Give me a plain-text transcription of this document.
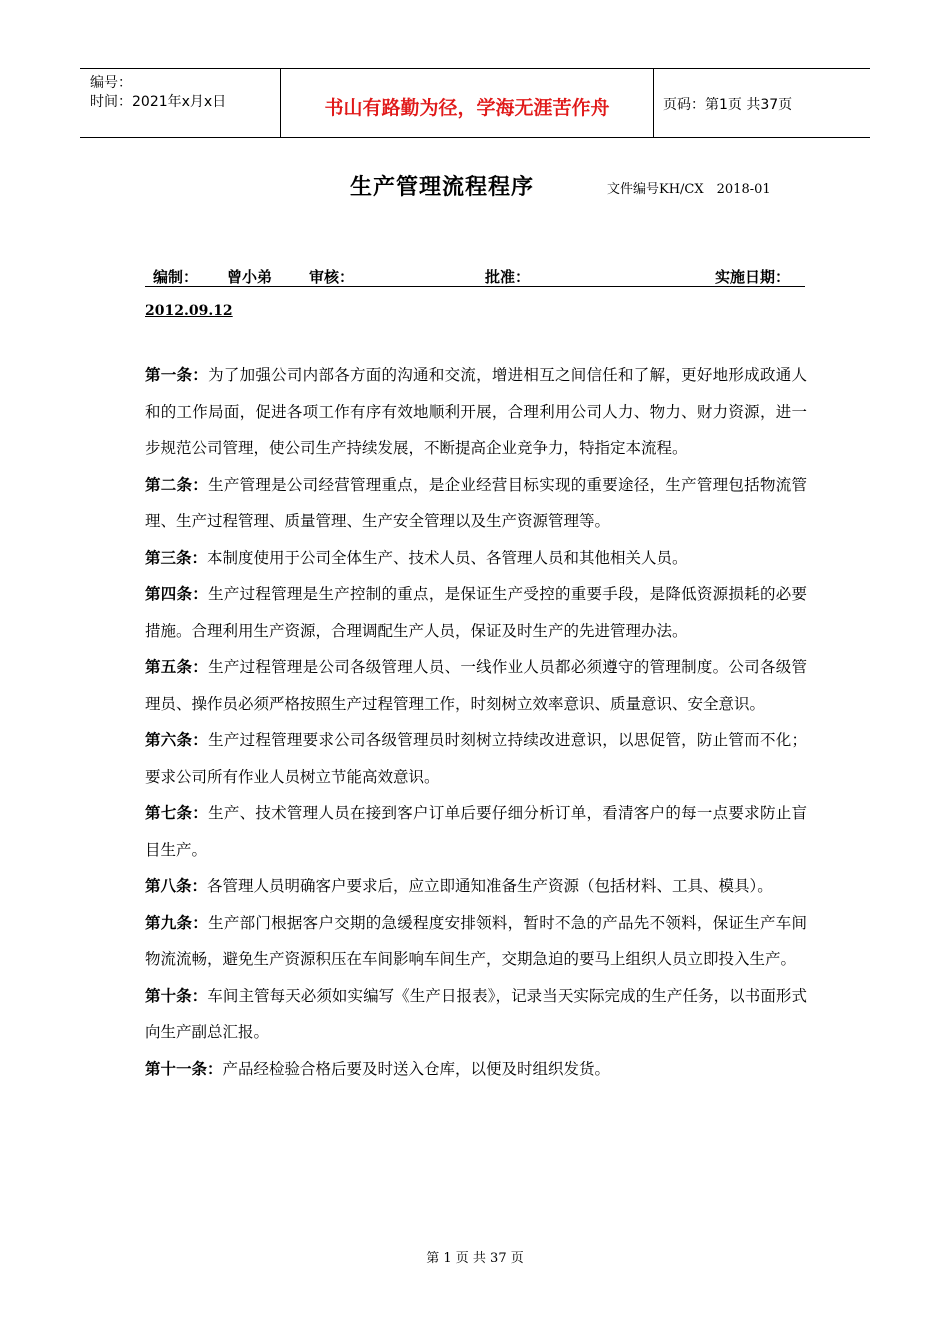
编号：
时间：2021年x月x日	书山有路勤为径，学海无涯苦作舟	页码：第1页 共37页
生产管理流程程序	文件编号KH/CX　2018-01
编制： 曾小弟 审核：	批准：	实施日期：
2012.09.12

第一条：为了加强公司内部各方面的沟通和交流，增进相互之间信任和了解，更好地形成政通人和的工作局面，促进各项工作有序有效地顺利开展，合理利用公司人力、物力、财力资源，进一步规范公司管理，使公司生产持续发展，不断提高企业竞争力，特指定本流程。

第二条：生产管理是公司经营管理重点，是企业经营目标实现的重要途径，生产管理包括物流管理、生产过程管理、质量管理、生产安全管理以及生产资源管理等。

第三条：本制度使用于公司全体生产、技术人员、各管理人员和其他相关人员。

第四条：生产过程管理是生产控制的重点，是保证生产受控的重要手段，是降低资源损耗的必要措施。合理利用生产资源，合理调配生产人员，保证及时生产的先进管理办法。

第五条：生产过程管理是公司各级管理人员、一线作业人员都必须遵守的管理制度。公司各级管理员、操作员必须严格按照生产过程管理工作，时刻树立效率意识、质量意识、安全意识。

第六条：生产过程管理要求公司各级管理员时刻树立持续改进意识，以思促管，防止管而不化；要求公司所有作业人员树立节能高效意识。

第七条：生产、技术管理人员在接到客户订单后要仔细分析订单，看清客户的每一点要求防止盲目生产。

第八条：各管理人员明确客户要求后，应立即通知准备生产资源（包括材料、工具、模具）。

第九条：生产部门根据客户交期的急缓程度安排领料，暂时不急的产品先不领料，保证生产车间物流流畅，避免生产资源积压在车间影响车间生产，交期急迫的要马上组织人员立即投入生产。

第十条：车间主管每天必须如实编写《生产日报表》，记录当天实际完成的生产任务，以书面形式向生产副总汇报。

第十一条：产品经检验合格后要及时送入仓库，以便及时组织发货。

第 1 页 共 37 页
